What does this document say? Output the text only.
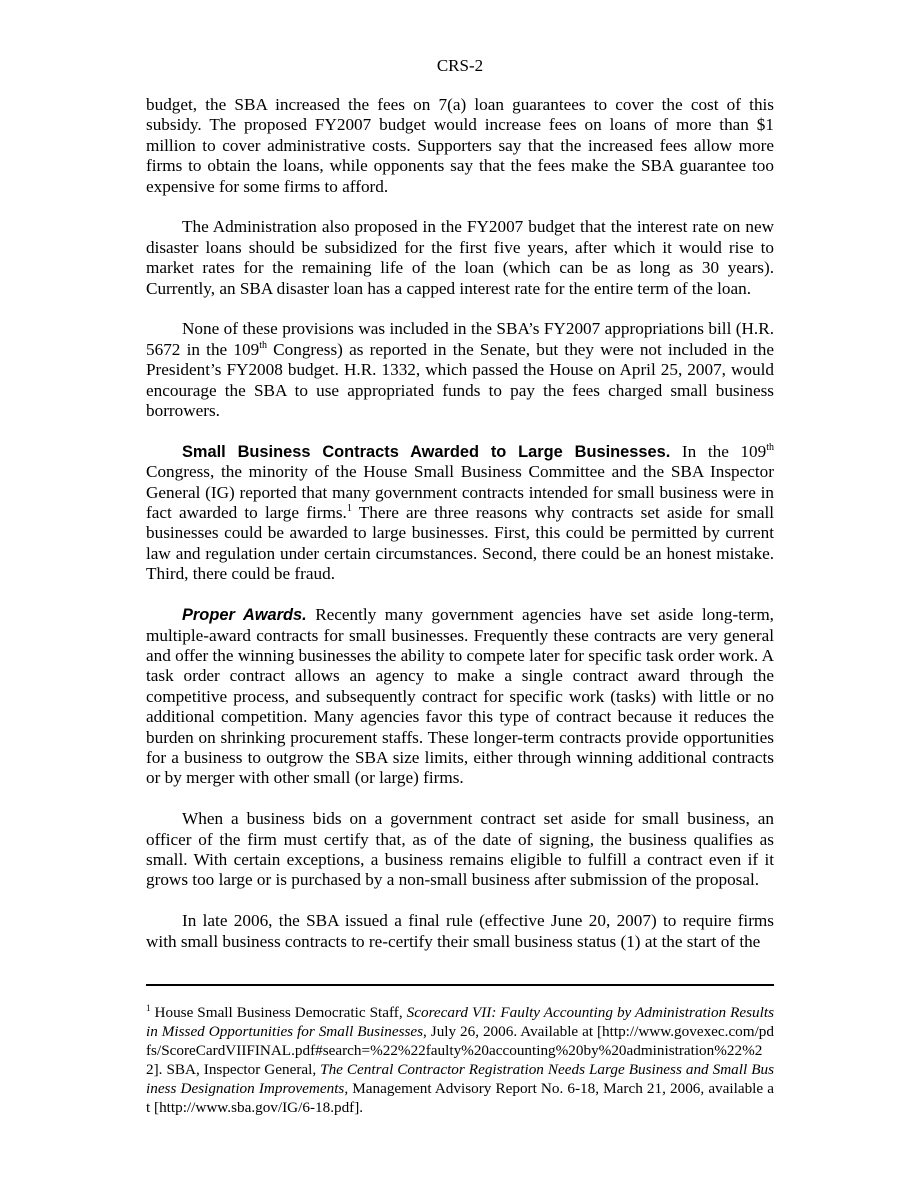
CRS-2

budget, the SBA increased the fees on 7(a) loan guarantees to cover the cost of this subsidy. The proposed FY2007 budget would increase fees on loans of more than $1 million to cover administrative costs. Supporters say that the increased fees allow more firms to obtain the loans, while opponents say that the fees make the SBA guarantee too expensive for some firms to afford.

The Administration also proposed in the FY2007 budget that the interest rate on new disaster loans should be subsidized for the first five years, after which it would rise to market rates for the remaining life of the loan (which can be as long as 30 years). Currently, an SBA disaster loan has a capped interest rate for the entire term of the loan.

None of these provisions was included in the SBA’s FY2007 appropriations bill (H.R. 5672 in the 109th Congress) as reported in the Senate, but they were not included in the President’s FY2008 budget. H.R. 1332, which passed the House on April 25, 2007, would encourage the SBA to use appropriated funds to pay the fees charged small business borrowers.

Small Business Contracts Awarded to Large Businesses. In the 109th Congress, the minority of the House Small Business Committee and the SBA Inspector General (IG) reported that many government contracts intended for small business were in fact awarded to large firms.$^1$ There are three reasons why contracts set aside for small businesses could be awarded to large businesses. First, this could be permitted by current law and regulation under certain circumstances. Second, there could be an honest mistake. Third, there could be fraud.

Proper Awards. Recently many government agencies have set aside long-term, multiple-award contracts for small businesses. Frequently these contracts are very general and offer the winning businesses the ability to compete later for specific task order work. A task order contract allows an agency to make a single contract award through the competitive process, and subsequently contract for specific work (tasks) with little or no additional competition. Many agencies favor this type of contract because it reduces the burden on shrinking procurement staffs. These longer-term contracts provide opportunities for a business to outgrow the SBA size limits, either through winning additional contracts or by merger with other small (or large) firms.

When a business bids on a government contract set aside for small business, an officer of the firm must certify that, as of the date of signing, the business qualifies as small. With certain exceptions, a business remains eligible to fulfill a contract even if it grows too large or is purchased by a non-small business after submission of the proposal.

In late 2006, the SBA issued a final rule (effective June 20, 2007) to require firms with small business contracts to re-certify their small business status (1) at the start of the

$^1$ House Small Business Democratic Staff, Scorecard VII: Faulty Accounting by Administration Results in Missed Opportunities for Small Businesses, July 26, 2006. Available at [http://www.govexec.com/pdfs/ScoreCardVIIFINAL.pdf#search=%22%22faulty%20accounting%20by%20administration%22%22]. SBA, Inspector General, The Central Contractor Registration Needs Large Business and Small Business Designation Improvements, Management Advisory Report No. 6-18, March 21, 2006, available at [http://www.sba.gov/IG/6-18.pdf].
